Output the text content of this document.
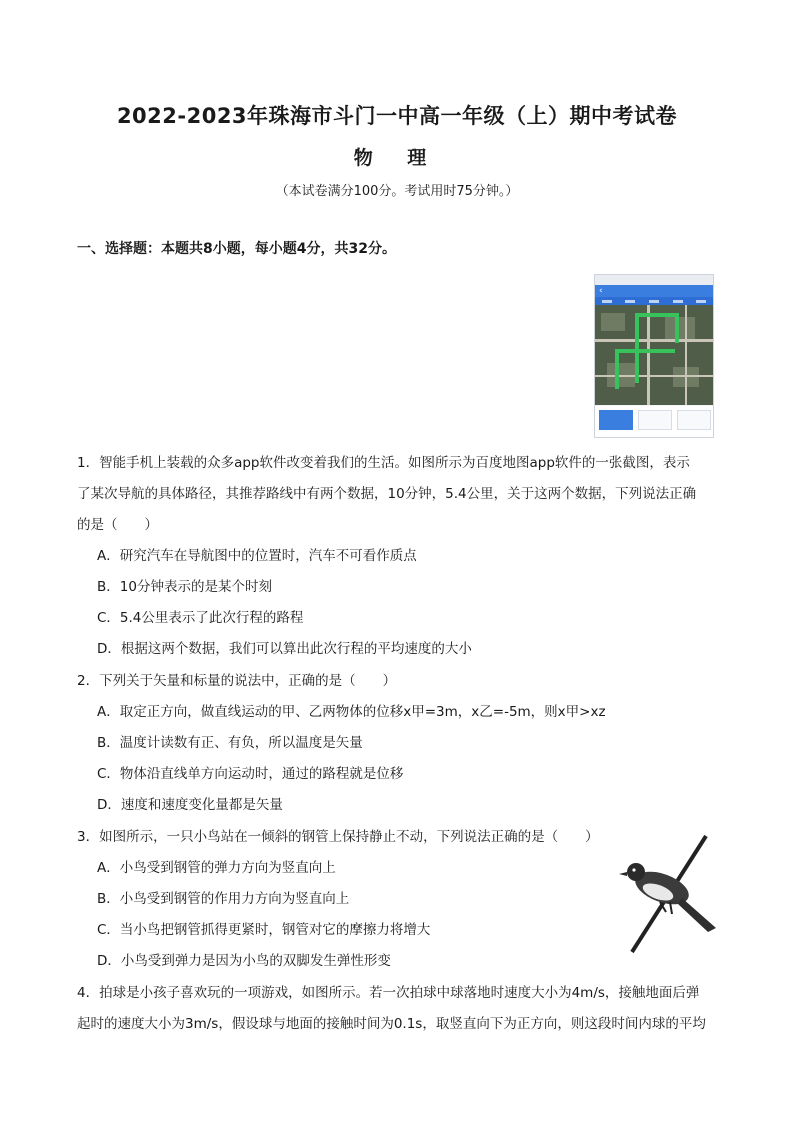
2022-2023年珠海市斗门一中高一年级（上）期中考试卷
物 理
（本试卷满分100分。考试用时75分钟。）
一、选择题：本题共8小题，每小题4分，共32分。
‹
1．智能手机上装载的众多app软件改变着我们的生活。如图所示为百度地图app软件的一张截图，表示
了某次导航的具体路径，其推荐路线中有两个数据，10分钟，5.4公里，关于这两个数据，下列说法正确
的是（　　）
A．研究汽车在导航图中的位置时，汽车不可看作质点
B．10分钟表示的是某个时刻
C．5.4公里表示了此次行程的路程
D．根据这两个数据，我们可以算出此次行程的平均速度的大小
2．下列关于矢量和标量的说法中，正确的是（　　）
A．取定正方向，做直线运动的甲、乙两物体的位移x甲=3m，x乙=-5m，则x甲>xz
B．温度计读数有正、有负，所以温度是矢量
C．物体沿直线单方向运动时，通过的路程就是位移
D．速度和速度变化量都是矢量
3．如图所示，一只小鸟站在一倾斜的钢管上保持静止不动，下列说法正确的是（　　）
A．小鸟受到钢管的弹力方向为竖直向上
B．小鸟受到钢管的作用力方向为竖直向上
C．当小鸟把钢管抓得更紧时，钢管对它的摩擦力将增大
D．小鸟受到弹力是因为小鸟的双脚发生弹性形变
4．拍球是小孩子喜欢玩的一项游戏，如图所示。若一次拍球中球落地时速度大小为4m/s，接触地面后弹
起时的速度大小为3m/s，假设球与地面的接触时间为0.1s，取竖直向下为正方向，则这段时间内球的平均
